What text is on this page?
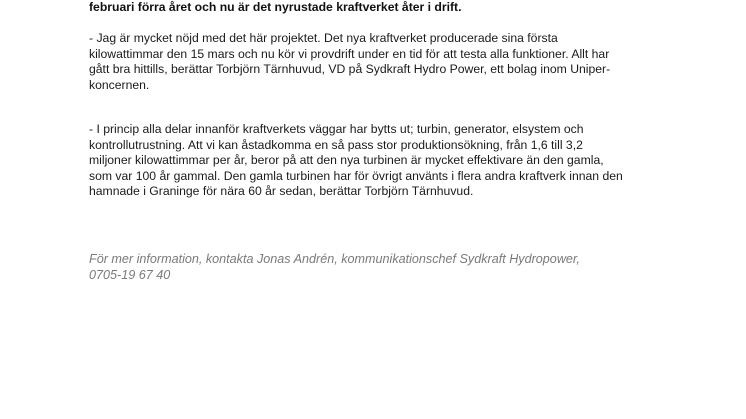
februari förra året och nu är det nyrustade kraftverket åter i drift.

- Jag är mycket nöjd med det här projektet. Det nya kraftverket producerade sina första
kilowattimmar den 15 mars och nu kör vi provdrift under en tid för att testa alla funktioner. Allt har
gått bra hittills, berättar Torbjörn Tärnhuvud, VD på Sydkraft Hydro Power, ett bolag inom Uniper-
koncernen.

- I princip alla delar innanför kraftverkets väggar har bytts ut; turbin, generator, elsystem och
kontrollutrustning. Att vi kan åstadkomma en så pass stor produktionsökning, från 1,6 till 3,2
miljoner kilowattimmar per år, beror på att den nya turbinen är mycket effektivare än den gamla,
som var 100 år gammal. Den gamla turbinen har för övrigt använts i flera andra kraftverk innan den
hamnade i Graninge för nära 60 år sedan, berättar Torbjörn Tärnhuvud.

För mer information, kontakta Jonas Andrén, kommunikationschef Sydkraft Hydropower,
0705-19 67 40
